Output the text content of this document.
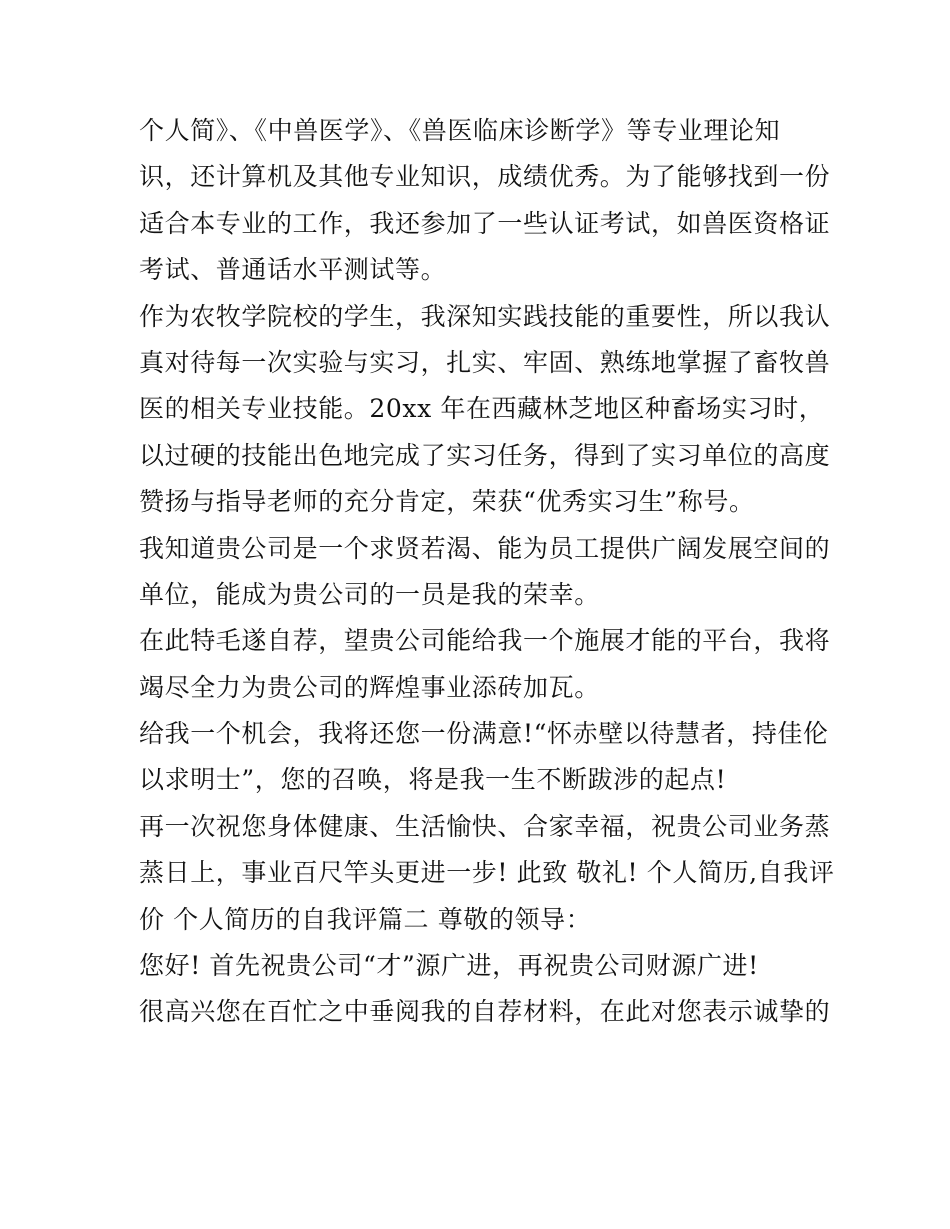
个人简》、《中兽医学》、《兽医临床诊断学》等专业理论知
识，还计算机及其他专业知识，成绩优秀。为了能够找到一份
适合本专业的工作，我还参加了一些认证考试，如兽医资格证
考试、普通话水平测试等。
作为农牧学院校的学生，我深知实践技能的重要性，所以我认
真对待每一次实验与实习，扎实、牢固、熟练地掌握了畜牧兽
医的相关专业技能。20xx 年在西藏林芝地区种畜场实习时，
以过硬的技能出色地完成了实习任务，得到了实习单位的高度
赞扬与指导老师的充分肯定，荣获“优秀实习生”称号。
我知道贵公司是一个求贤若渴、能为员工提供广阔发展空间的
单位，能成为贵公司的一员是我的荣幸。
在此特毛遂自荐，望贵公司能给我一个施展才能的平台，我将
竭尽全力为贵公司的辉煌事业添砖加瓦。
给我一个机会，我将还您一份满意!“怀赤壁以待慧者，持佳伦
以求明士”，您的召唤，将是我一生不断跋涉的起点!
再一次祝您身体健康、生活愉快、合家幸福，祝贵公司业务蒸
蒸日上，事业百尺竿头更进一步! 此致 敬礼! 个人简历,自我评
价 个人简历的自我评篇二 尊敬的领导：
您好! 首先祝贵公司“才”源广进，再祝贵公司财源广进!
很高兴您在百忙之中垂阅我的自荐材料，在此对您表示诚挚的
